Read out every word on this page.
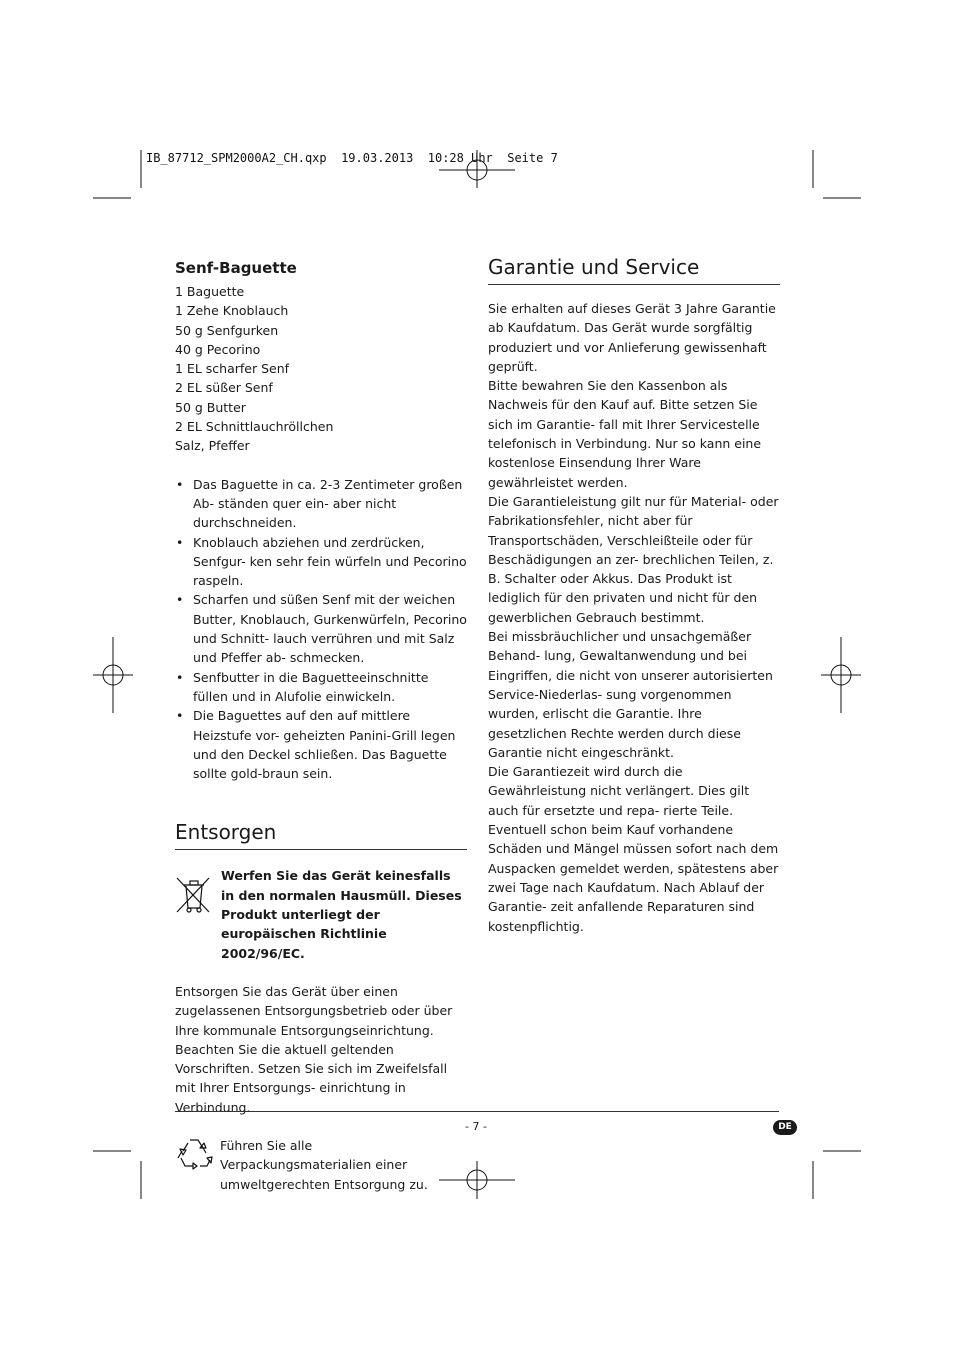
IB_87712_SPM2000A2_CH.qxp  19.03.2013  10:28 Uhr  Seite 7
Senf-Baguette

1 Baguette

1 Zehe Knoblauch

50 g Senfgurken

40 g Pecorino

1 EL scharfer Senf

2 EL süßer Senf

50 g Butter

2 EL Schnittlauchröllchen

Salz, Pfeffer

• Das Baguette in ca. 2-3 Zentimeter großen Ab- ständen quer ein- aber nicht durchschneiden.
• Knoblauch abziehen und zerdrücken, Senfgur- ken sehr fein würfeln und Pecorino raspeln.
• Scharfen und süßen Senf mit der weichen Butter, Knoblauch, Gurkenwürfeln, Pecorino und Schnitt- lauch verrühren und mit Salz und Pfeffer ab- schmecken.
• Senfbutter in die Baguetteeinschnitte füllen und in Alufolie einwickeln.
• Die Baguettes auf den auf mittlere Heizstufe vor- geheizten Panini-Grill legen und den Deckel schließen. Das Baguette sollte gold-braun sein.
Entsorgen

Werfen Sie das Gerät keinesfalls in den normalen Hausmüll. Dieses Produkt unterliegt der europäischen Richtlinie 2002/96/EC.

Entsorgen Sie das Gerät über einen zugelassenen Entsorgungsbetrieb oder über Ihre kommunale Entsorgungseinrichtung.

Beachten Sie die aktuell geltenden Vorschriften. Setzen Sie sich im Zweifelsfall mit Ihrer Entsorgungs- einrichtung in Verbindung.

Führen Sie alle Verpackungsmaterialien einer umweltgerechten Entsorgung zu.

Garantie und Service

Sie erhalten auf dieses Gerät 3 Jahre Garantie ab Kaufdatum. Das Gerät wurde sorgfältig produziert und vor Anlieferung gewissenhaft geprüft.

Bitte bewahren Sie den Kassenbon als Nachweis für den Kauf auf. Bitte setzen Sie sich im Garantie- fall mit Ihrer Servicestelle telefonisch in Verbindung. Nur so kann eine kostenlose Einsendung Ihrer Ware gewährleistet werden.

Die Garantieleistung gilt nur für Material- oder Fabrikationsfehler, nicht aber für Transportschäden, Verschleißteile oder für Beschädigungen an zer- brechlichen Teilen, z. B. Schalter oder Akkus. Das Produkt ist lediglich für den privaten und nicht für den gewerblichen Gebrauch bestimmt.

Bei missbräuchlicher und unsachgemäßer Behand- lung, Gewaltanwendung und bei Eingriffen, die nicht von unserer autorisierten Service-Niederlas- sung vorgenommen wurden, erlischt die Garantie. Ihre gesetzlichen Rechte werden durch diese Garantie nicht eingeschränkt.

Die Garantiezeit wird durch die Gewährleistung nicht verlängert. Dies gilt auch für ersetzte und repa- rierte Teile. Eventuell schon beim Kauf vorhandene Schäden und Mängel müssen sofort nach dem Auspacken gemeldet werden, spätestens aber zwei Tage nach Kaufdatum. Nach Ablauf der Garantie- zeit anfallende Reparaturen sind kostenpflichtig.

- 7 -	DE
